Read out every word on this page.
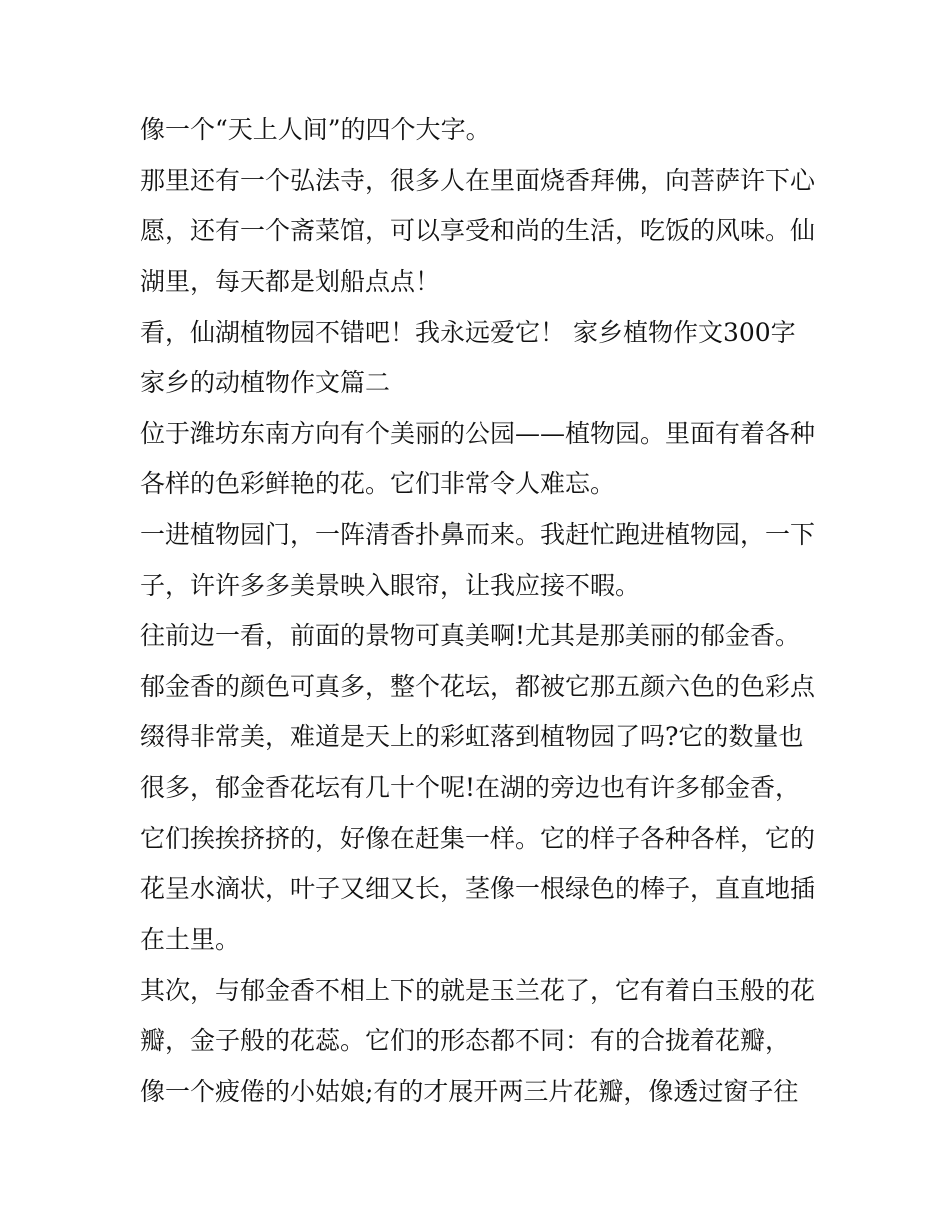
像一个“天上人间”的四个大字。
那里还有一个弘法寺，很多人在里面烧香拜佛，向菩萨许下心
愿，还有一个斋菜馆，可以享受和尚的生活，吃饭的风味。仙
湖里，每天都是划船点点！
看，仙湖植物园不错吧！我永远爱它！ 家乡植物作文300字
家乡的动植物作文篇二
位于潍坊东南方向有个美丽的公园——植物园。里面有着各种
各样的色彩鲜艳的花。它们非常令人难忘。
一进植物园门，一阵清香扑鼻而来。我赶忙跑进植物园，一下
子，许许多多美景映入眼帘，让我应接不暇。
往前边一看，前面的景物可真美啊!尤其是那美丽的郁金香。
郁金香的颜色可真多，整个花坛，都被它那五颜六色的色彩点
缀得非常美，难道是天上的彩虹落到植物园了吗?它的数量也
很多，郁金香花坛有几十个呢!在湖的旁边也有许多郁金香，
它们挨挨挤挤的，好像在赶集一样。它的样子各种各样，它的
花呈水滴状，叶子又细又长，茎像一根绿色的棒子，直直地插
在土里。
其次，与郁金香不相上下的就是玉兰花了，它有着白玉般的花
瓣，金子般的花蕊。它们的形态都不同：有的合拢着花瓣，
像一个疲倦的小姑娘;有的才展开两三片花瓣，像透过窗子往
